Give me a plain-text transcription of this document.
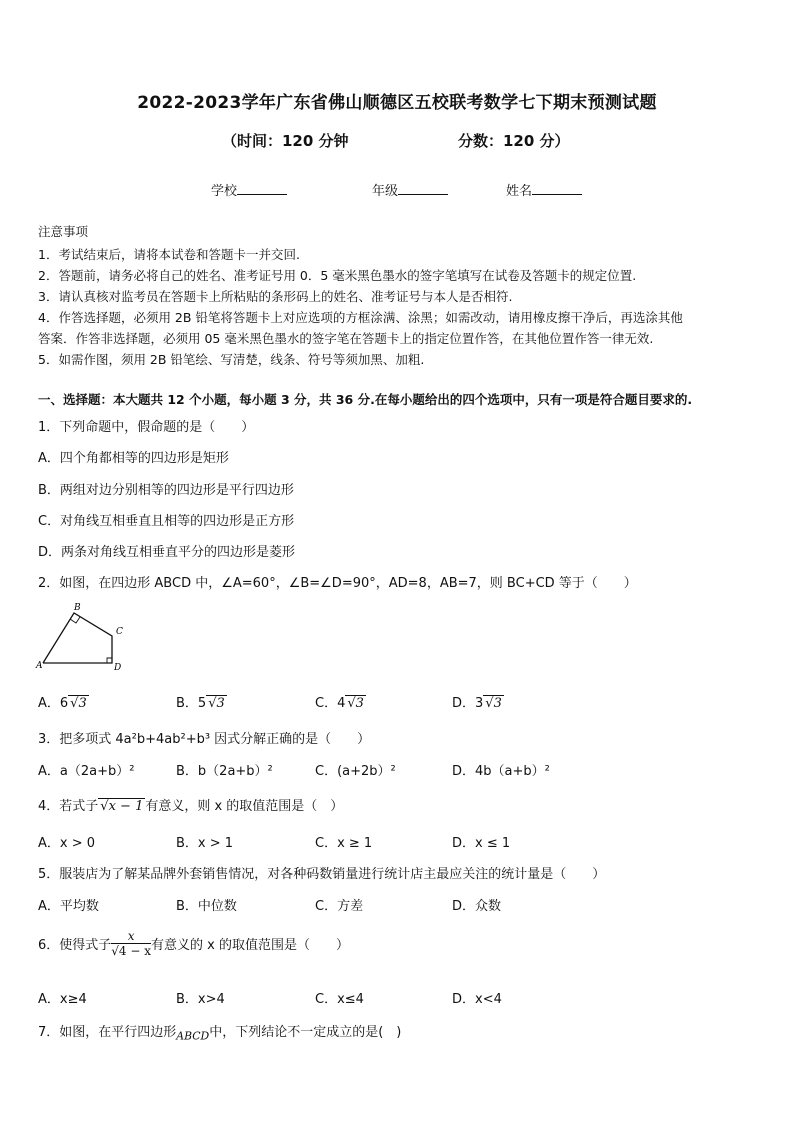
2022-2023学年广东省佛山顺德区五校联考数学七下期末预测试题
（时间：120 分钟	分数：120 分）
学校	年级	姓名
注意事项
1．考试结束后，请将本试卷和答题卡一并交回.
2．答题前，请务必将自己的姓名、准考证号用 0．5 毫米黑色墨水的签字笔填写在试卷及答题卡的规定位置.
3．请认真核对监考员在答题卡上所粘贴的条形码上的姓名、准考证号与本人是否相符.
4．作答选择题，必须用 2B 铅笔将答题卡上对应选项的方框涂满、涂黑；如需改动，请用橡皮擦干净后，再选涂其他
答案．作答非选择题，必须用 05 毫米黑色墨水的签字笔在答题卡上的指定位置作答，在其他位置作答一律无效.
5．如需作图，须用 2B 铅笔绘、写清楚，线条、符号等须加黑、加粗.
一、选择题：本大题共 12 个小题，每小题 3 分，共 36 分.在每小题给出的四个选项中，只有一项是符合题目要求的.
1．下列命题中，假命题的是（　　）
A．四个角都相等的四边形是矩形
B．两组对边分别相等的四边形是平行四边形
C．对角线互相垂直且相等的四边形是正方形
D．两条对角线互相垂直平分的四边形是菱形
2．如图，在四边形 ABCD 中，∠A=60°，∠B=∠D=90°，AD=8，AB=7，则 BC+CD 等于（　　）
A
B
C
D
A．6 √3	B．5 √3	C．4 √3	D．3 √3
3．把多项式 4a²b+4ab²+b³ 因式分解正确的是（　　）
A．a（2a+b）²	B．b（2a+b）²	C．(a+2b）²	D．4b（a+b）²
4．若式子 √x − 1 有意义，则 x 的取值范围是（　）
A．x > 0	B．x > 1	C．x ≥ 1	D．x ≤ 1
5．服装店为了解某品牌外套销售情况，对各种码数销量进行统计店主最应关注的统计量是（　　）
A．平均数	B．中位数	C．方差	D．众数
6．使得式子 $\frac{x}{√4 - x}$ 有意义的 x 的取值范围是（　　）
A．x≥4	B．x>4	C．x≤4	D．x<4
7．如图，在平行四边形$_{ABCD}$中，下列结论不一定成立的是(　)
